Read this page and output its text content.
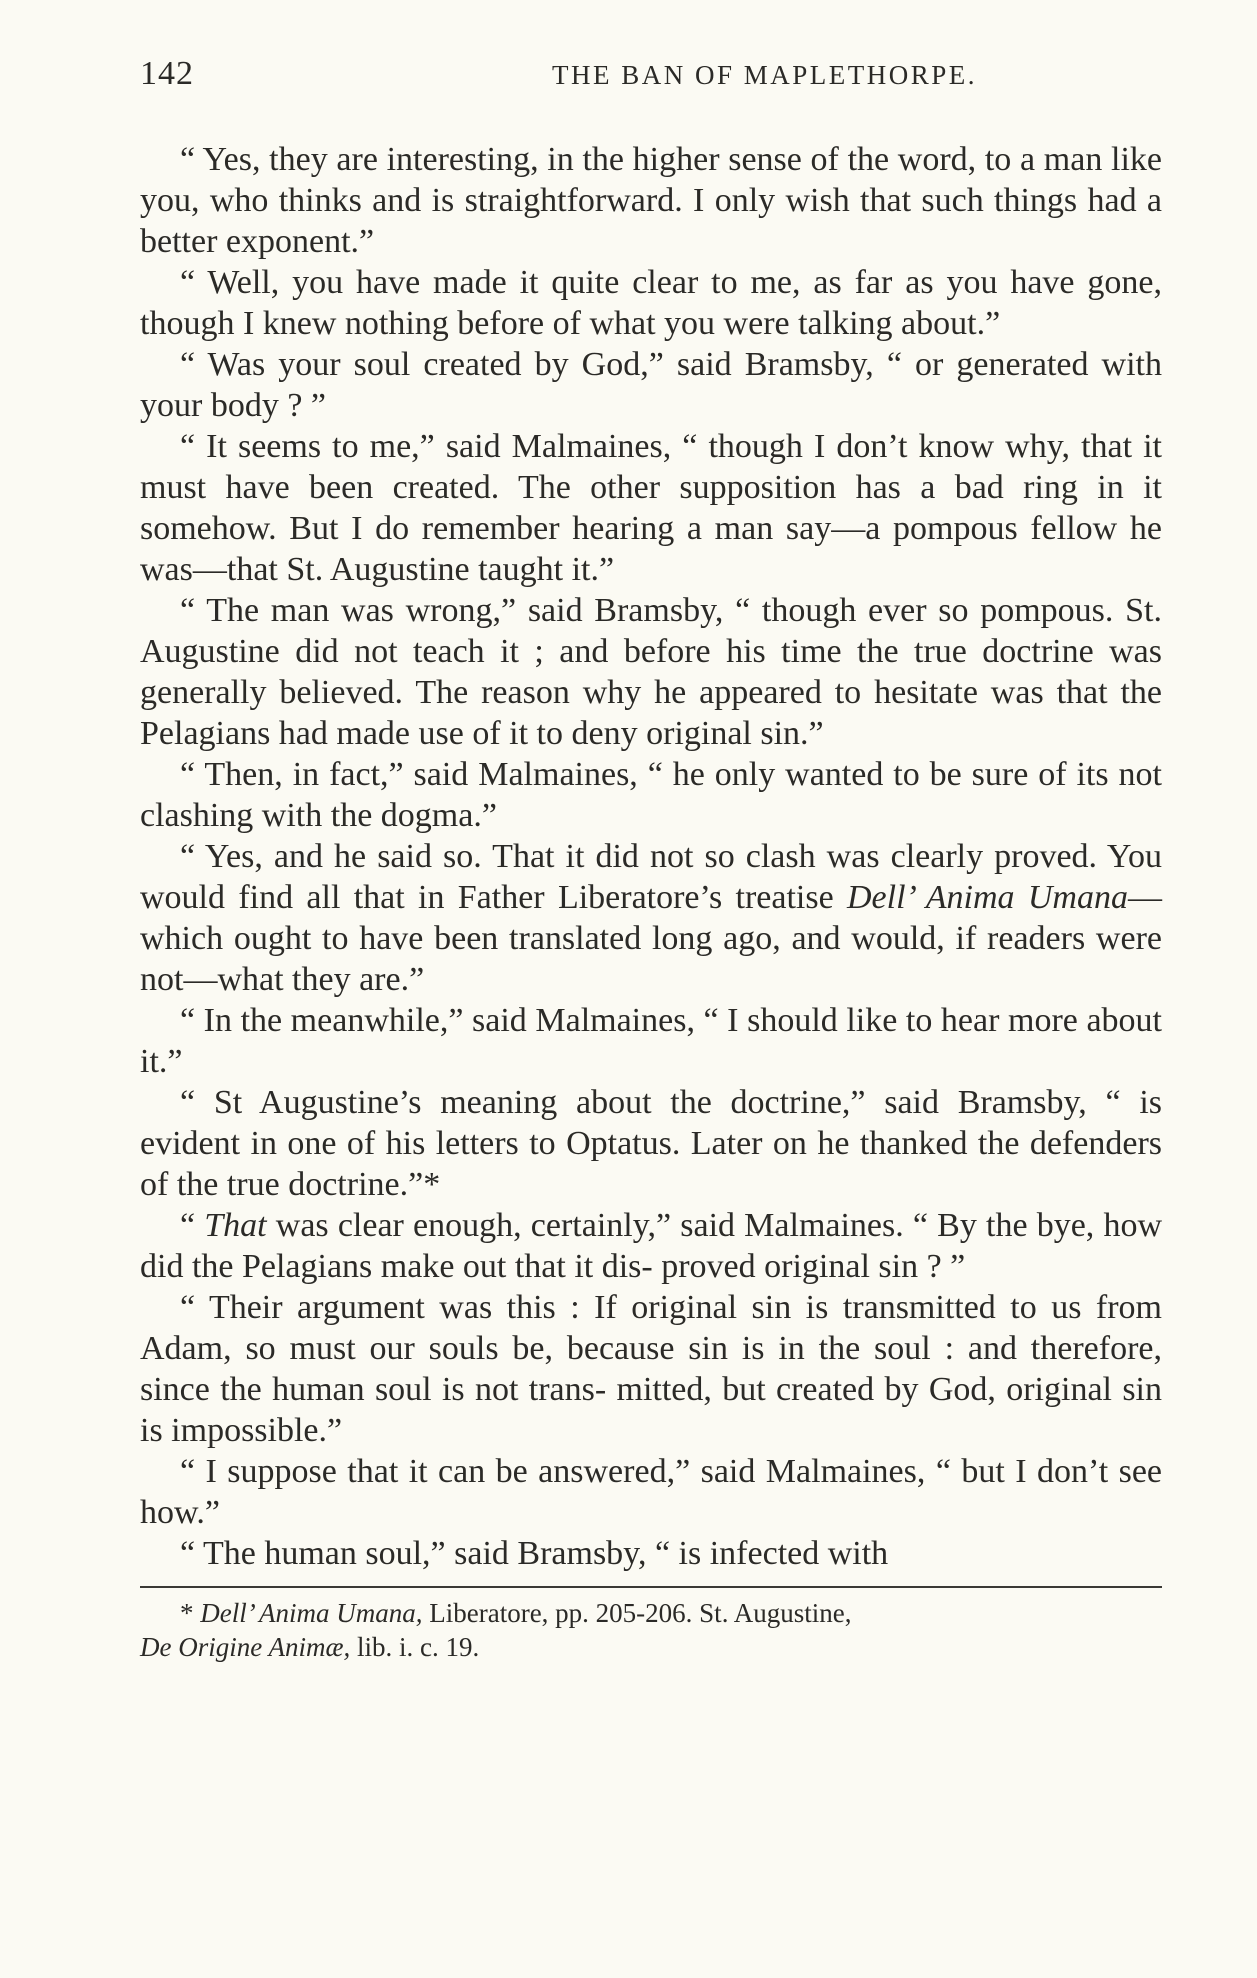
142	THE BAN OF MAPLETHORPE.

“ Yes, they are interesting, in the higher sense of the word, to a man like you, who thinks and is straightforward. I only wish that such things had a better exponent.”

“ Well, you have made it quite clear to me, as far as you have gone, though I knew nothing before of what you were talking about.”

“ Was your soul created by God,” said Bramsby, “ or generated with your body ? ”

“ It seems to me,” said Malmaines, “ though I don’t know why, that it must have been created. The other supposition has a bad ring in it somehow. But I do remember hearing a man say—a pompous fellow he was—that St. Augustine taught it.”

“ The man was wrong,” said Bramsby, “ though ever so pompous. St. Augustine did not teach it ; and before his time the true doctrine was generally believed. The reason why he appeared to hesitate was that the Pelagians had made use of it to deny original sin.”

“ Then, in fact,” said Malmaines, “ he only wanted to be sure of its not clashing with the dogma.”

“ Yes, and he said so. That it did not so clash was clearly proved. You would find all that in Father Liberatore’s treatise Dell’ Anima Umana—which ought to have been translated long ago, and would, if readers were not—what they are.”

“ In the meanwhile,” said Malmaines, “ I should like to hear more about it.”

“ St Augustine’s meaning about the doctrine,” said Bramsby, “ is evident in one of his letters to Optatus. Later on he thanked the defenders of the true doctrine.”*

“ That was clear enough, certainly,” said Malmaines. “ By the bye, how did the Pelagians make out that it dis- proved original sin ? ”

“ Their argument was this : If original sin is transmitted to us from Adam, so must our souls be, because sin is in the soul : and therefore, since the human soul is not trans- mitted, but created by God, original sin is impossible.”

“ I suppose that it can be answered,” said Malmaines, “ but I don’t see how.”

“ The human soul,” said Bramsby, “ is infected with

* Dell’ Anima Umana, Liberatore, pp. 205-206. St. Augustine,
De Origine Animæ, lib. i. c. 19.
